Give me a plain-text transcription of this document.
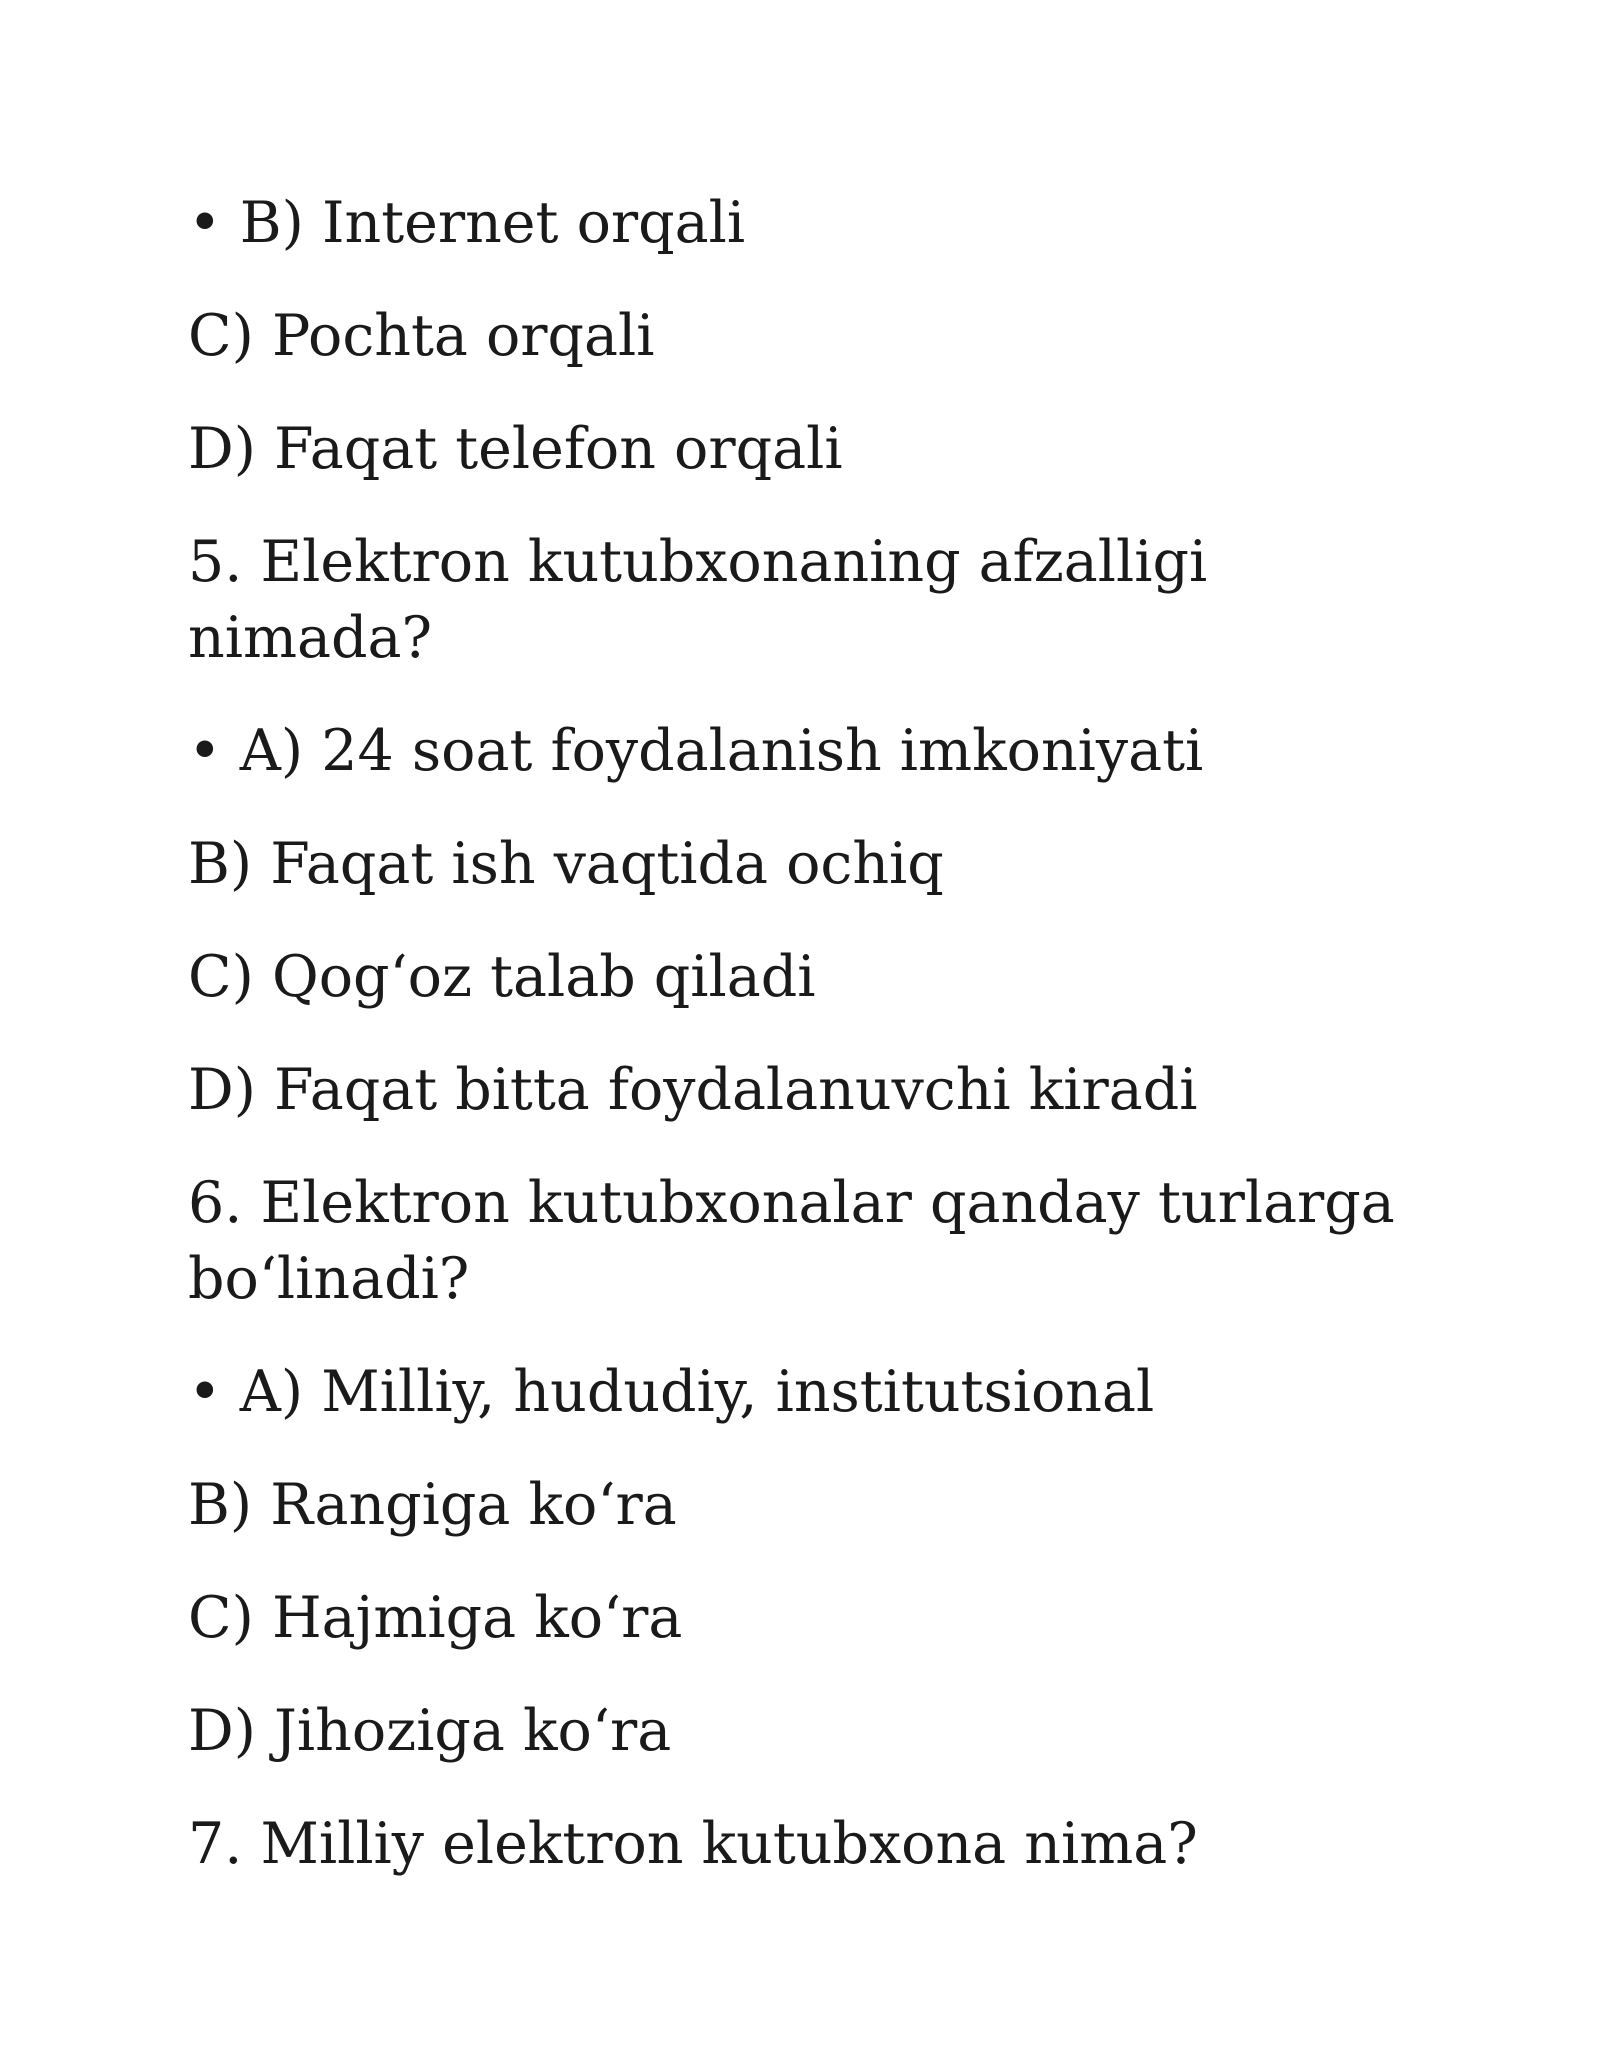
• B) Internet orqali
C) Pochta orqali
D) Faqat telefon orqali
5. Elektron kutubxonaning afzalligi nimada?
• A) 24 soat foydalanish imkoniyati
B) Faqat ish vaqtida ochiq
C) Qog‘oz talab qiladi
D) Faqat bitta foydalanuvchi kiradi
6. Elektron kutubxonalar qanday turlarga bo‘linadi?
• A) Milliy, hududiy, institutsional
B) Rangiga ko‘ra
C) Hajmiga ko‘ra
D) Jihoziga ko‘ra
7. Milliy elektron kutubxona nima?
